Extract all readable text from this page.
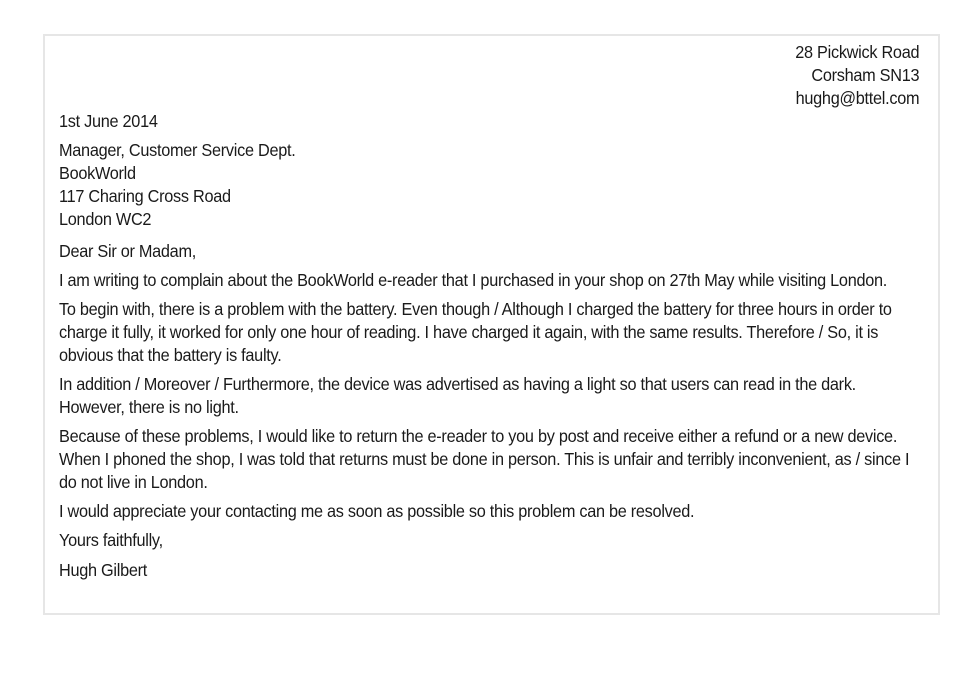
28 Pickwick Road
Corsham SN13
hughg@bttel.com
1st June 2014
Manager, Customer Service Dept.
BookWorld
117 Charing Cross Road
London WC2
Dear Sir or Madam,

I am writing to complain about the BookWorld e-reader that I purchased in your shop on 27th May while visiting London.

To begin with, there is a problem with the battery. Even though / Although I charged the battery for three hours in order to charge it fully, it worked for only one hour of reading. I have charged it again, with the same results. Therefore / So, it is obvious that the battery is faulty.

In addition / Moreover / Furthermore, the device was advertised as having a light so that users can read in the dark. However, there is no light.

Because of these problems, I would like to return the e-reader to you by post and receive either a refund or a new device. When I phoned the shop, I was told that returns must be done in person. This is unfair and terribly inconvenient, as / since I do not live in London.

I would appreciate your contacting me as soon as possible so this problem can be resolved.

Yours faithfully,
Hugh Gilbert
